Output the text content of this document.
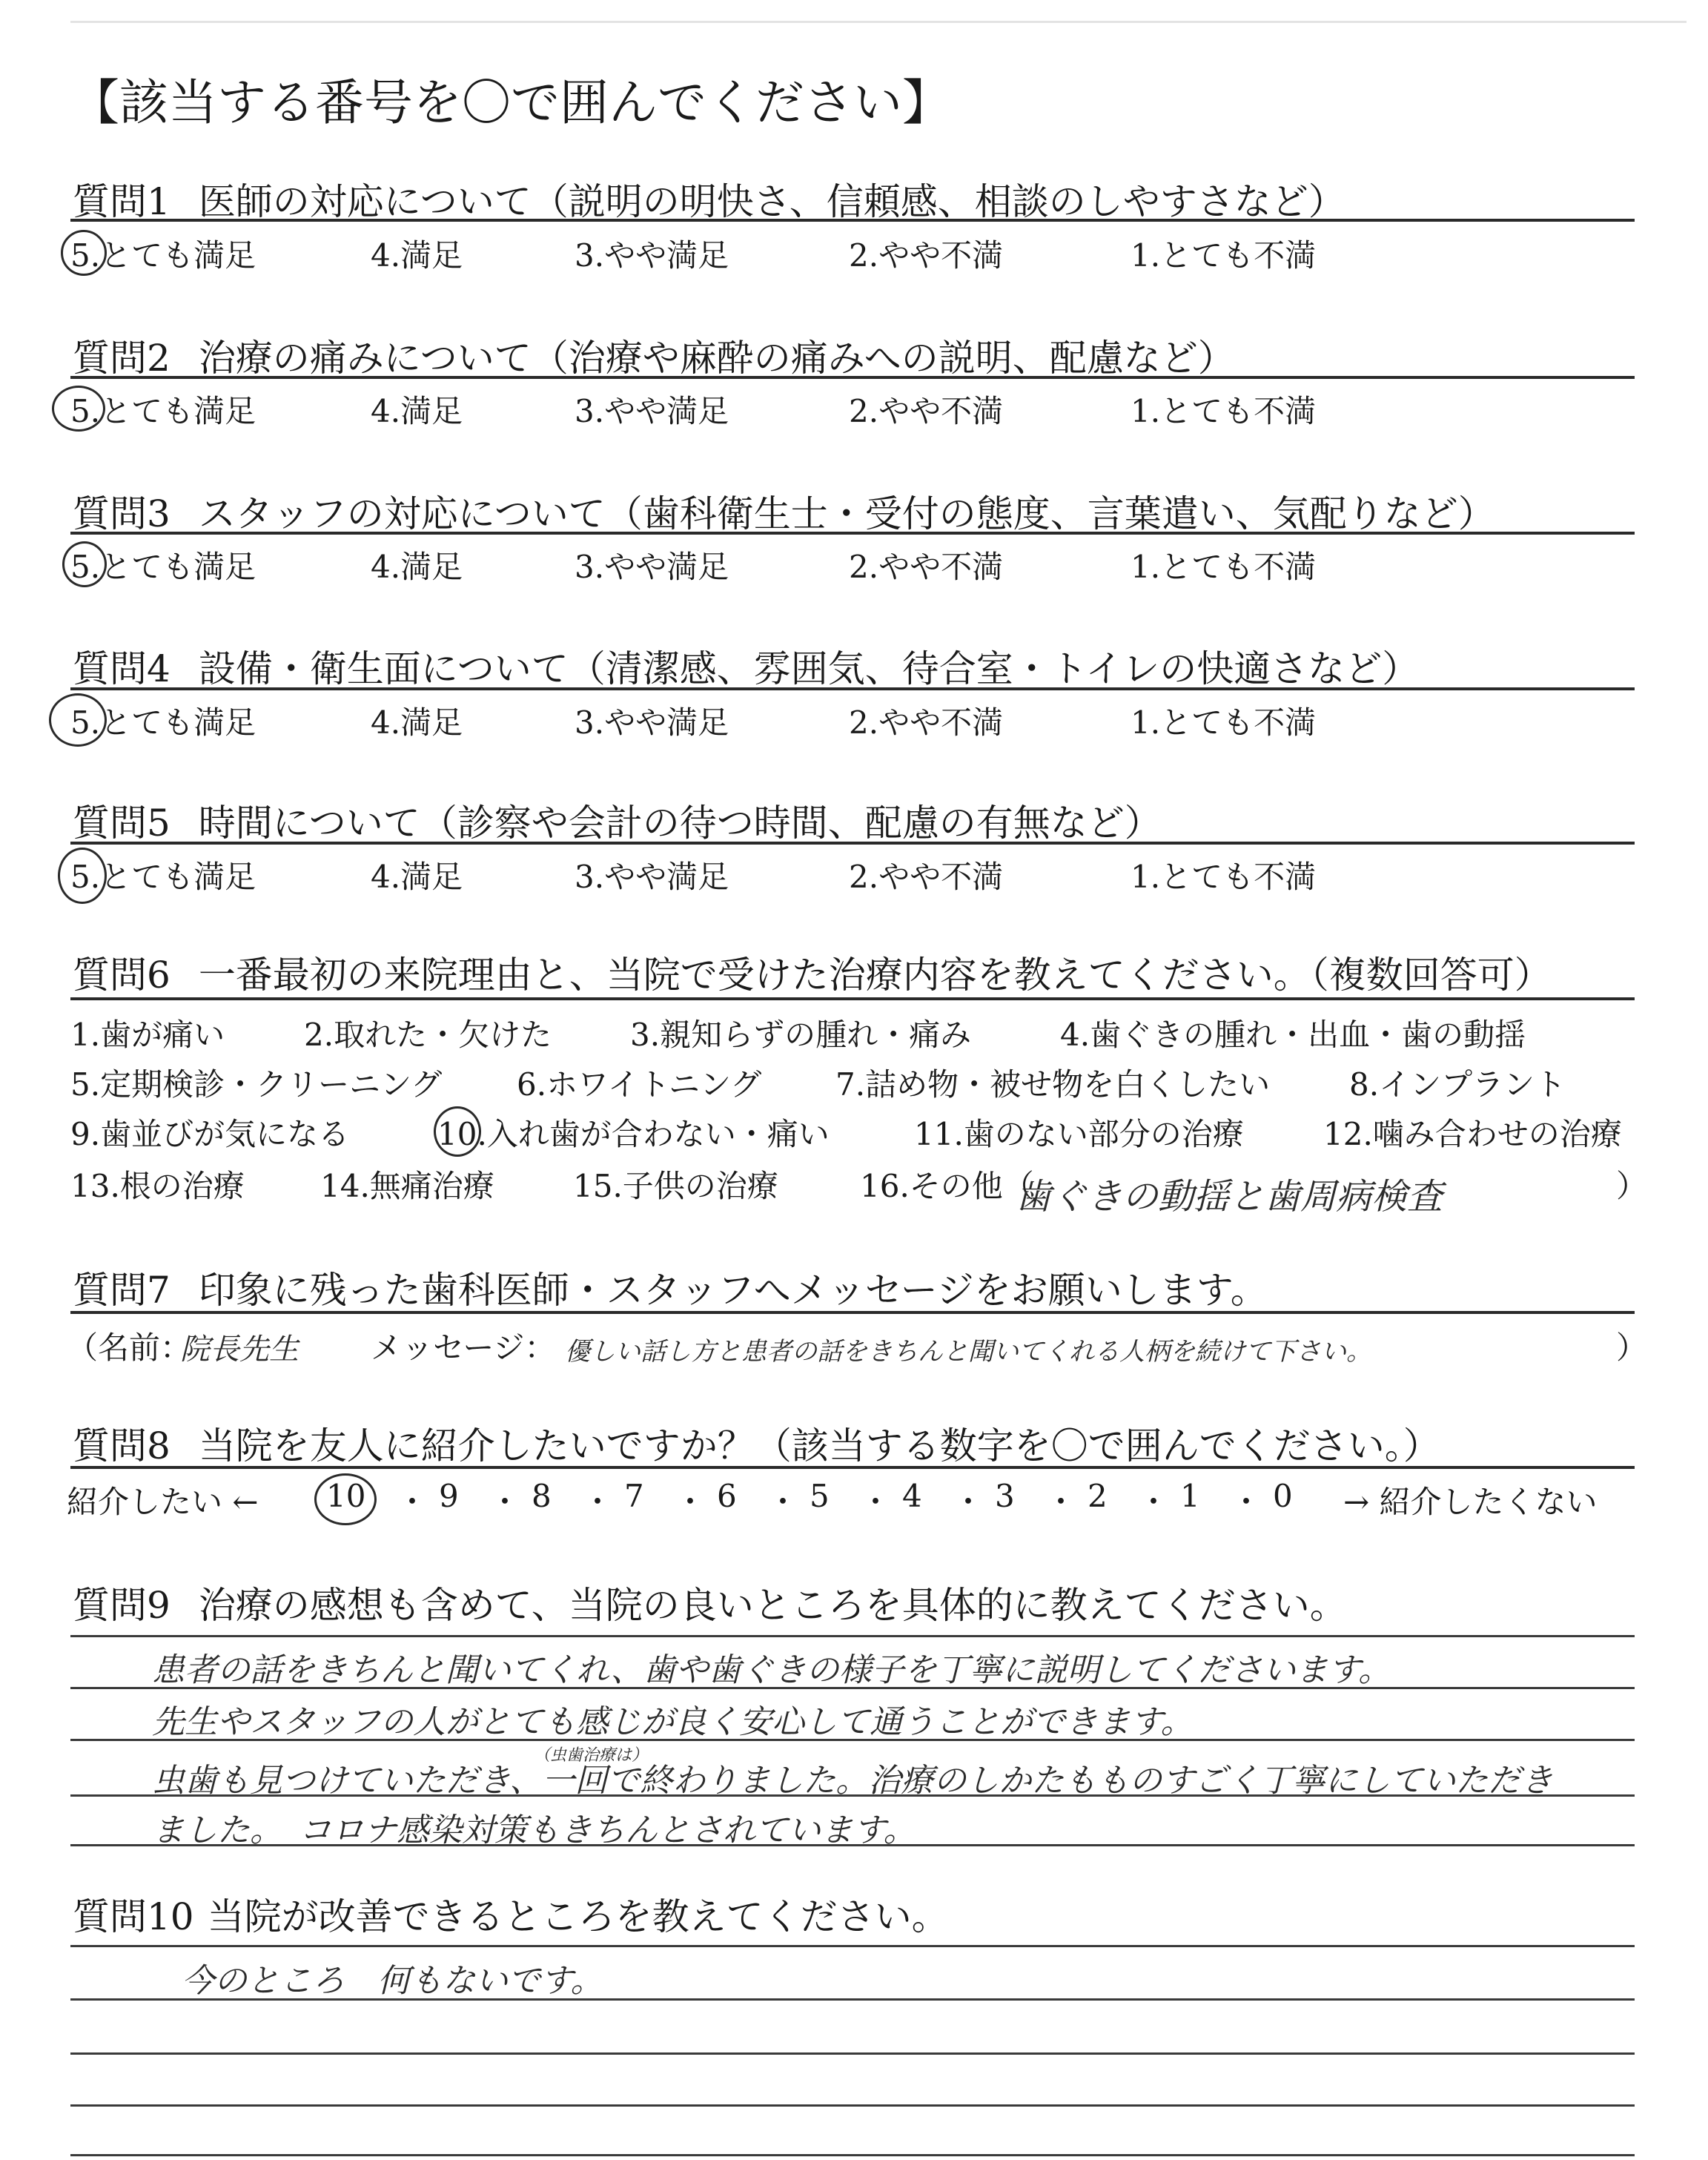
【該当する番号を〇で囲んでください】
質問1 医師の対応について（説明の明快さ、信頼感、相談のしやすさなど）
5.とても満足	4.満足	3.やや満足	2.やや不満	1.とても不満
質問2 治療の痛みについて（治療や麻酔の痛みへの説明、配慮など）
5.とても満足	4.満足	3.やや満足	2.やや不満	1.とても不満
質問3 スタッフの対応について（歯科衛生士・受付の態度、言葉遣い、気配りなど）
5.とても満足	4.満足	3.やや満足	2.やや不満	1.とても不満
質問4 設備・衛生面について（清潔感、雰囲気、待合室・トイレの快適さなど）
5.とても満足	4.満足	3.やや満足	2.やや不満	1.とても不満
質問5 時間について（診察や会計の待つ時間、配慮の有無など）
5.とても満足	4.満足	3.やや満足	2.やや不満	1.とても不満
質問6 一番最初の来院理由と、当院で受けた治療内容を教えてください。（複数回答可）
1.歯が痛い	2.取れた・欠けた	3.親知らずの腫れ・痛み	4.歯ぐきの腫れ・出血・歯の動揺
5.定期検診・クリーニング 6.ホワイトニング 7.詰め物・被せ物を白くしたい	8.インプラント
9.歯並びが気になる	10.入れ歯が合わない・痛い	11.歯のない部分の治療	12.噛み合わせの治療
13.根の治療 14.無痛治療	15.子供の治療	16.その他（
歯ぐきの動揺と歯周病検査	）
質問7 印象に残った歯科医師・スタッフへメッセージをお願いします。
（名前：
院長先生 メッセージ： 優しい話し方と患者の話をきちんと聞いてくれる人柄を続けて下さい。	）
質問8 当院を友人に紹介したいですか？（該当する数字を〇で囲んでください。）
紹介したい ← 10 ・ 9 ・ 8 ・ 7 ・ 6 ・ 5 ・ 4 ・ 3 ・ 2 ・ 1 ・ 0 → 紹介したくない
質問9 治療の感想も含めて、当院の良いところを具体的に教えてください。
患者の話をきちんと聞いてくれ、歯や歯ぐきの様子を丁寧に説明してくださいます。
先生やスタッフの人がとても感じが良く安心して通うことができます。
（虫歯治療は）
虫歯も見つけていただき、一回で終わりました。治療のしかたもものすごく丁寧にしていただき
ました。　コロナ感染対策もきちんとされています。
質問10 当院が改善できるところを教えてください。
今のところ　何もないです。
